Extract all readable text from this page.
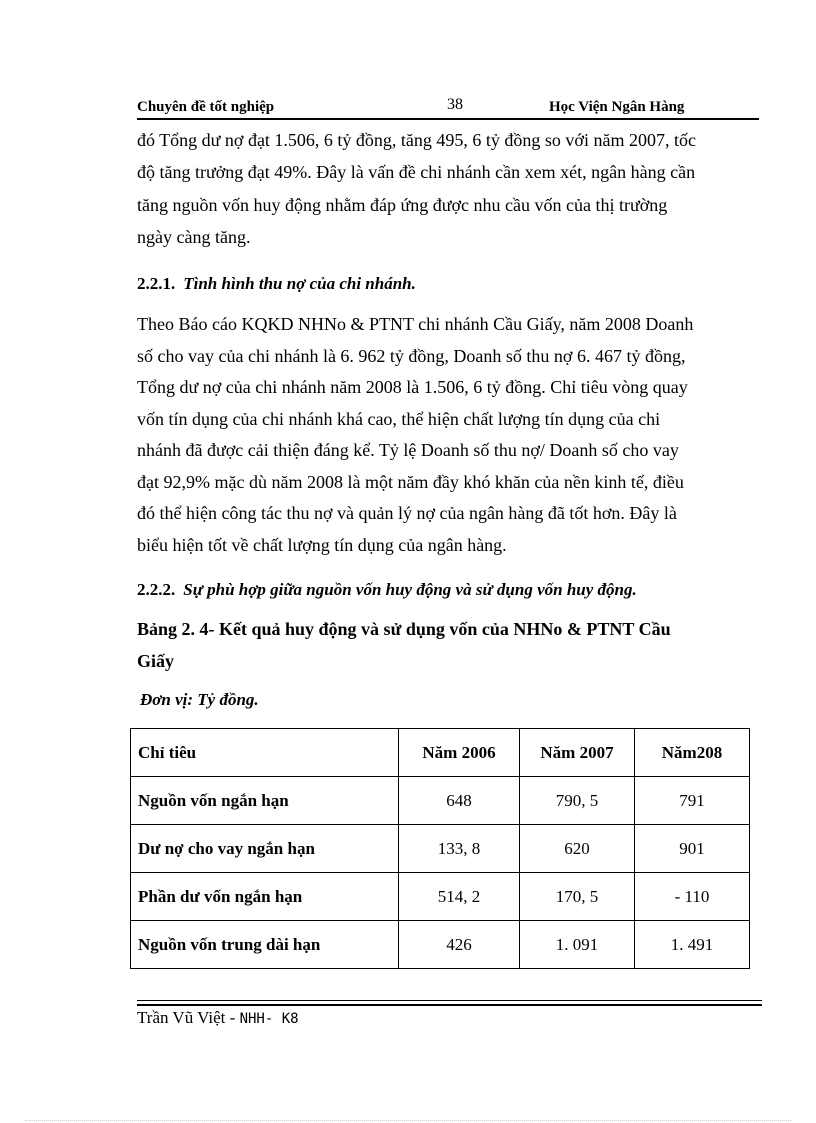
Chuyên đề tốt nghiệp	38	Học Viện Ngân Hàng
đó Tổng dư nợ đạt 1.506, 6 tỷ đồng, tăng 495, 6 tỷ đồng so với năm 2007, tốc
độ tăng trưởng đạt 49%. Đây là vấn đề chi nhánh cần xem xét, ngân hàng cần
tăng nguồn vốn huy động nhằm đáp ứng được nhu cầu vốn của thị trường
ngày càng tăng.
2.2.1. Tình hình thu nợ của chi nhánh.
Theo Báo cáo KQKD NHNo & PTNT chi nhánh Cầu Giấy, năm 2008 Doanh
số cho vay của chi nhánh là 6. 962 tỷ đồng, Doanh số thu nợ 6. 467 tỷ đồng,
Tổng dư nợ của chi nhánh năm 2008 là 1.506, 6 tỷ đồng. Chỉ tiêu vòng quay
vốn tín dụng của chi nhánh khá cao, thể hiện chất lượng tín dụng của chi
nhánh đã được cải thiện đáng kể. Tỷ lệ Doanh số thu nợ/ Doanh số cho vay
đạt 92,9% mặc dù năm 2008 là một năm đầy khó khăn của nền kinh tế, điều
đó thể hiện công tác thu nợ và quản lý nợ của ngân hàng đã tốt hơn. Đây là
biểu hiện tốt về chất lượng tín dụng của ngân hàng.
2.2.2. Sự phù hợp giữa nguồn vốn huy động và sử dụng vốn huy động.
Bảng 2. 4- Kết quả huy động và sử dụng vốn của NHNo & PTNT Cầu
Giấy
Đơn vị: Tỷ đồng.
Chỉ tiêu	Năm 2006	Năm 2007	Năm208
Nguồn vốn ngắn hạn	648	790, 5	791
Dư nợ cho vay ngắn hạn	133, 8	620	901
Phần dư vốn ngắn hạn	514, 2	170, 5	- 110
Nguồn vốn trung dài hạn	426	1. 091	1. 491
Trần Vũ Việt - NHH- K8
